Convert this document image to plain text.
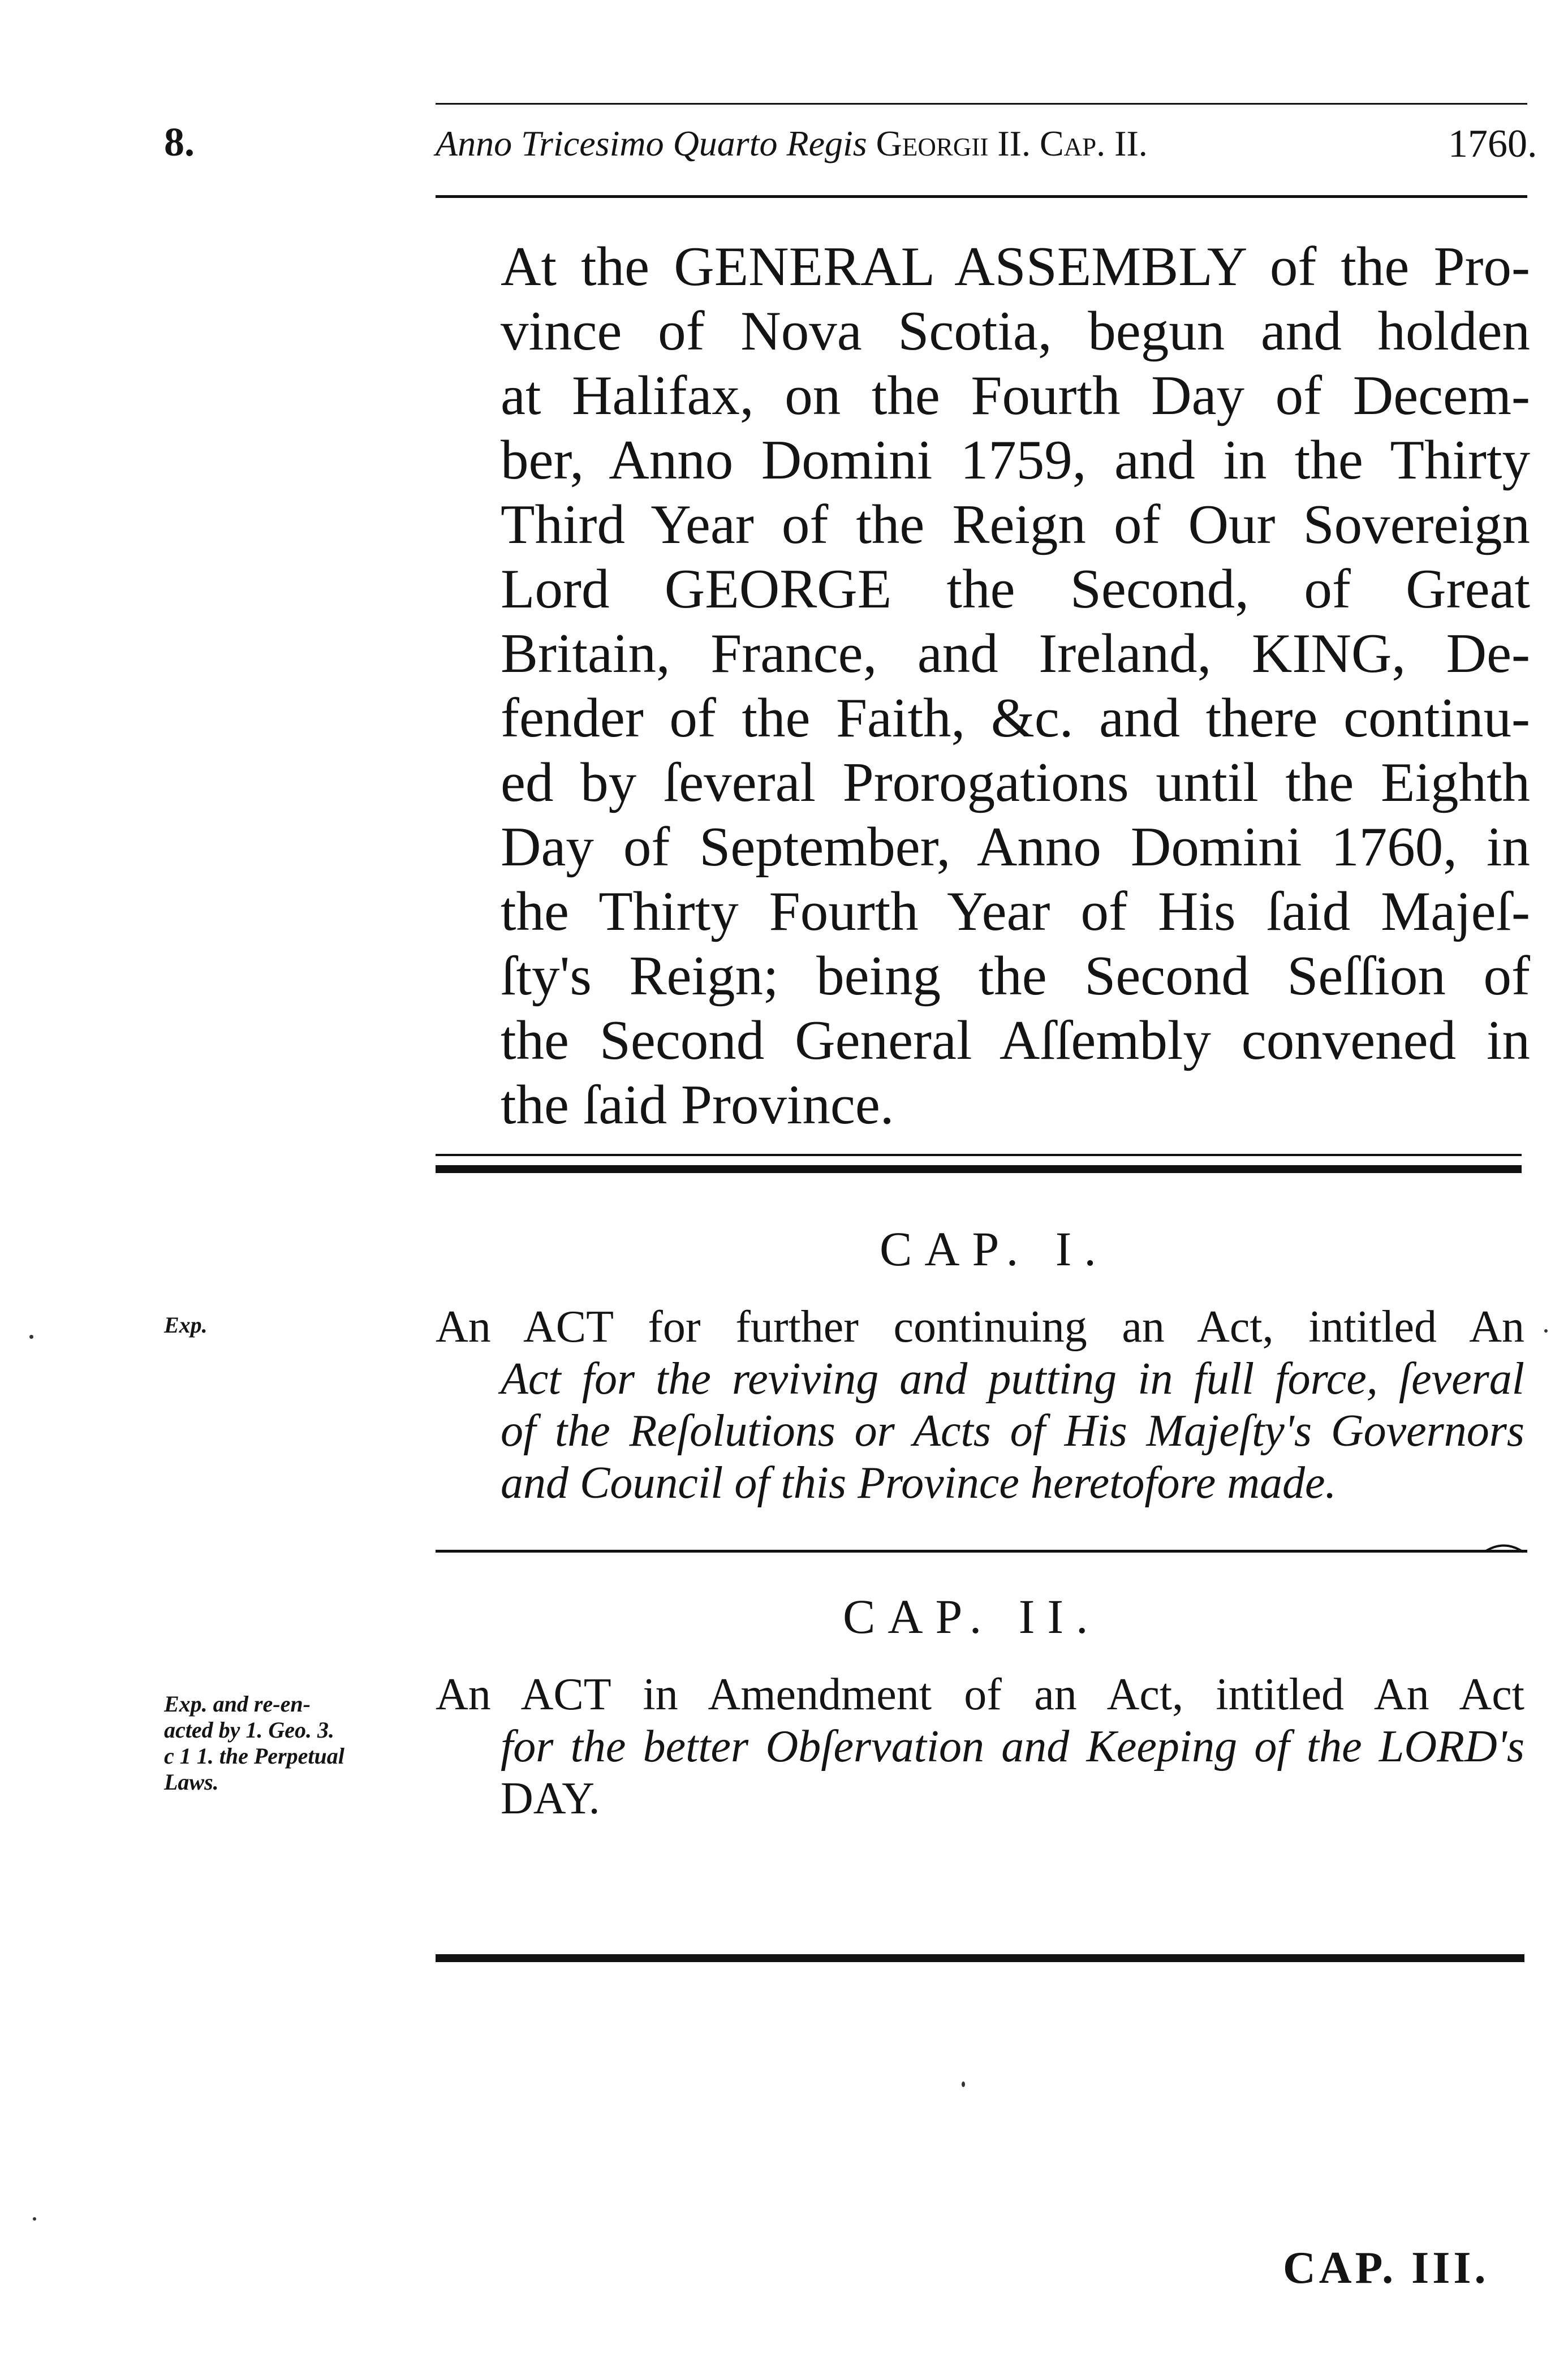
8.	Anno Tricesimo Quarto Regis Georgii II. Cap. II.	1760.
At the GENERAL ASSEMBLY of the Pro-
vince of Nova Scotia, begun and holden
at Halifax, on the Fourth Day of Decem-
ber, Anno Domini 1759, and in the Thirty
Third Year of the Reign of Our Sovereign
Lord GEORGE the Second, of Great
Britain, France, and Ireland, KING, De-
fender of the Faith, &c. and there continu-
ed by ſeveral Prorogations until the Eighth
Day of September, Anno Domini 1760, in
the Thirty Fourth Year of His ſaid Majeſ-
ſty's Reign; being the Second Seſſion of
the Second General Aſſembly convened in
the ſaid Province.
CAP. I.
Exp.	An ACT for further continuing an Act, intitled An
Act for the reviving and putting in full force, ſeveral
of the Reſolutions or Acts of His Majeſty's Governors
and Council of this Province heretofore made.
CAP. II.
Exp. and re-en-
acted by 1. Geo. 3.
c 1 1. the Perpetual
Laws.
An ACT in Amendment of an Act, intitled An Act
for the better Obſervation and Keeping of the LORD's
DAY.
CAP. III.
